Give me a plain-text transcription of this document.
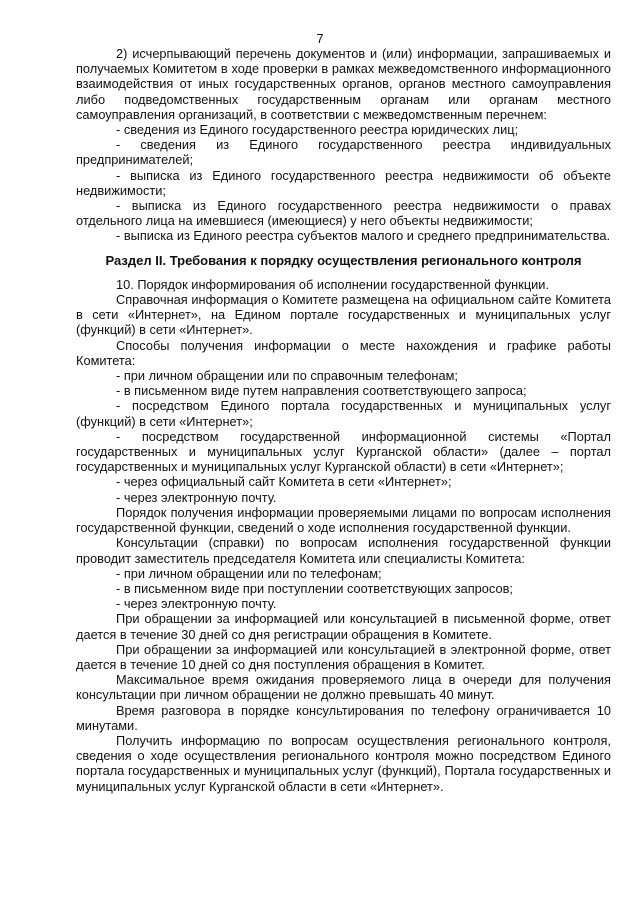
7

2) исчерпывающий перечень документов и (или) информации, запрашиваемых и получаемых Комитетом в ходе проверки в рамках межведомственного информационного взаимодействия от иных государственных органов, органов местного самоуправления либо подведомственных государственным органам или органам местного самоуправления организаций, в соответствии с межведомственным перечнем:

- сведения из Единого государственного реестра юридических лиц;

- сведения из Единого государственного реестра индивидуальных предпринимателей;

- выписка из Единого государственного реестра недвижимости об объекте недвижимости;

- выписка из Единого государственного реестра недвижимости о правах отдельного лица на имевшиеся (имеющиеся) у него объекты недвижимости;

- выписка из Единого реестра субъектов малого и среднего предпринимательства.

Раздел II. Требования к порядку осуществления регионального контроля

10. Порядок информирования об исполнении государственной функции.

Справочная информация о Комитете размещена на официальном сайте Комитета в сети «Интернет», на Едином портале государственных и муниципальных услуг (функций) в сети «Интернет».

Способы получения информации о месте нахождения и графике работы Комитета:

- при личном обращении или по справочным телефонам;

- в письменном виде путем направления соответствующего запроса;

- посредством Единого портала государственных и муниципальных услуг (функций) в сети «Интернет»;

- посредством государственной информационной системы «Портал государственных и муниципальных услуг Курганской области» (далее – портал государственных и муниципальных услуг Курганской области) в сети «Интернет»;

- через официальный сайт Комитета в сети «Интернет»;

- через электронную почту.

Порядок получения информации проверяемыми лицами по вопросам исполнения государственной функции, сведений о ходе исполнения государственной функции.

Консультации (справки) по вопросам исполнения государственной функции проводит заместитель председателя Комитета или специалисты Комитета:

- при личном обращении или по телефонам;

- в письменном виде при поступлении соответствующих запросов;

- через электронную почту.

При обращении за информацией или консультацией в письменной форме, ответ дается в течение 30 дней со дня регистрации обращения в Комитете.

При обращении за информацией или консультацией в электронной форме, ответ дается в течение 10 дней со дня поступления обращения в Комитет.

Максимальное время ожидания проверяемого лица в очереди для получения консультации при личном обращении не должно превышать 40 минут.

Время разговора в порядке консультирования по телефону ограничивается 10 минутами.

Получить информацию по вопросам осуществления регионального контроля, сведения о ходе осуществления регионального контроля можно посредством Единого портала государственных и муниципальных услуг (функций), Портала государственных и муниципальных услуг Курганской области в сети «Интернет».
